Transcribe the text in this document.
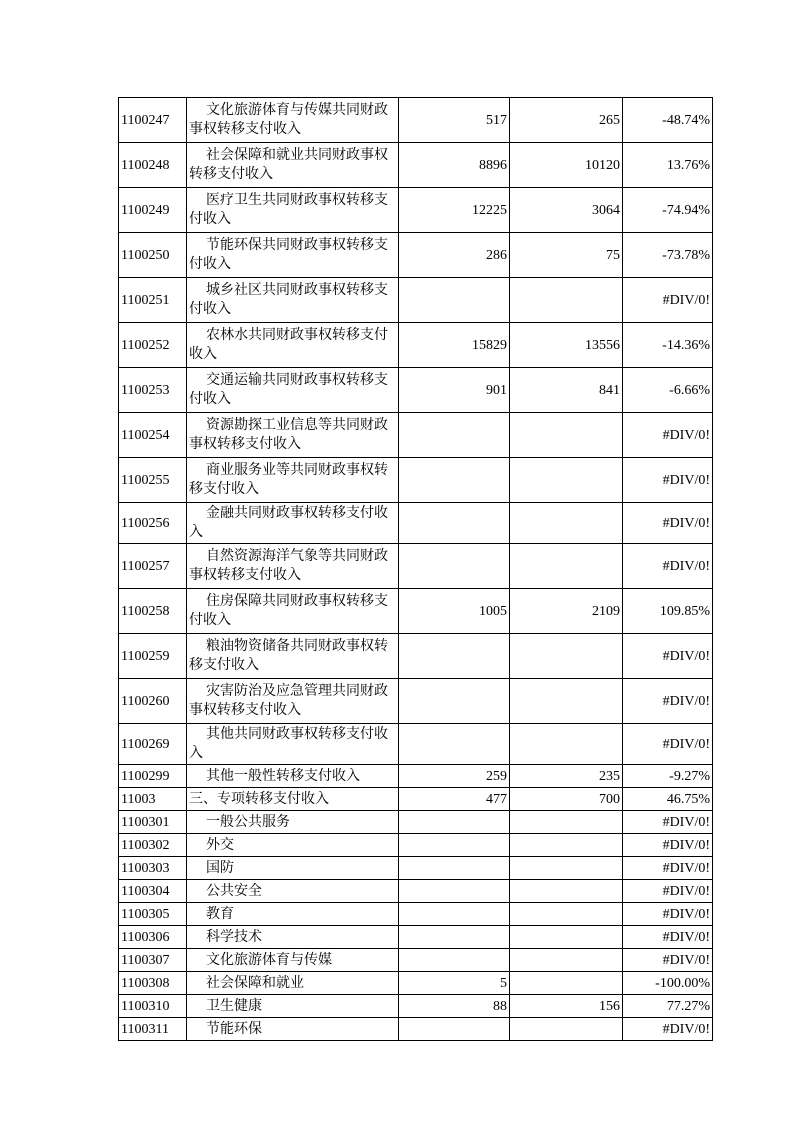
1100247	文化旅游体育与传媒共同财政事权转移支付收入	517	265	-48.74%
1100248	社会保障和就业共同财政事权转移支付收入	8896	10120	13.76%
1100249	医疗卫生共同财政事权转移支付收入	12225	3064	-74.94%
1100250	节能环保共同财政事权转移支付收入	286	75	-73.78%
1100251	城乡社区共同财政事权转移支付收入			#DIV/0!
1100252	农林水共同财政事权转移支付收入	15829	13556	-14.36%
1100253	交通运输共同财政事权转移支付收入	901	841	-6.66%
1100254	资源勘探工业信息等共同财政事权转移支付收入			#DIV/0!
1100255	商业服务业等共同财政事权转移支付收入			#DIV/0!
1100256	金融共同财政事权转移支付收入			#DIV/0!
1100257	自然资源海洋气象等共同财政事权转移支付收入			#DIV/0!
1100258	住房保障共同财政事权转移支付收入	1005	2109	109.85%
1100259	粮油物资储备共同财政事权转移支付收入			#DIV/0!
1100260	灾害防治及应急管理共同财政事权转移支付收入			#DIV/0!
1100269	其他共同财政事权转移支付收入			#DIV/0!
1100299	其他一般性转移支付收入	259	235	-9.27%
11003	三、专项转移支付收入	477	700	46.75%
1100301	一般公共服务			#DIV/0!
1100302	外交			#DIV/0!
1100303	国防			#DIV/0!
1100304	公共安全			#DIV/0!
1100305	教育			#DIV/0!
1100306	科学技术			#DIV/0!
1100307	文化旅游体育与传媒			#DIV/0!
1100308	社会保障和就业	5		-100.00%
1100310	卫生健康	88	156	77.27%
1100311	节能环保			#DIV/0!
